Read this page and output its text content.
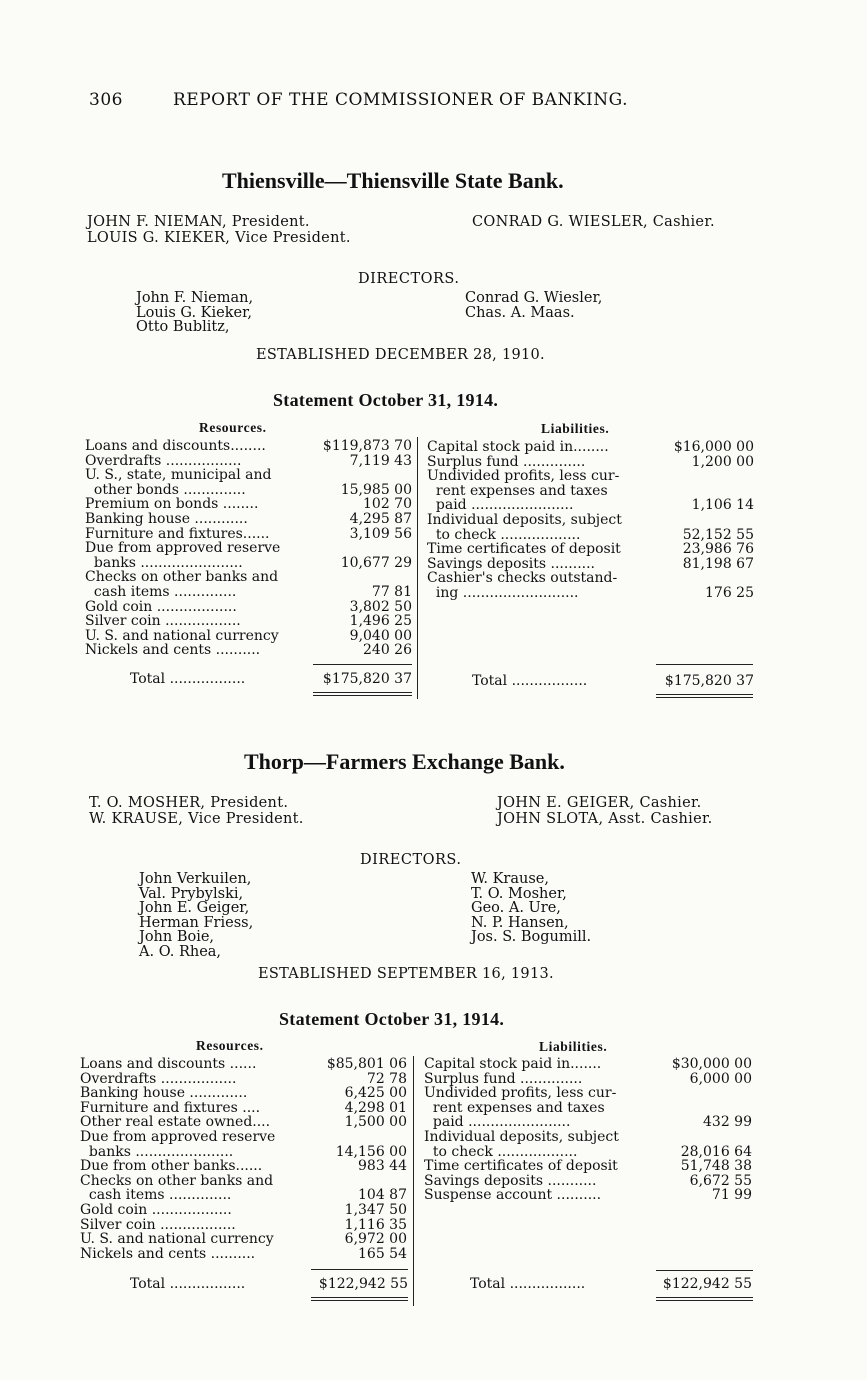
306	REPORT OF THE COMMISSIONER OF BANKING.
Thiensville—Thiensville State Bank.
JOHN F. NIEMAN, President.
LOUIS G. KIEKER, Vice President.
CONRAD G. WIESLER, Cashier.
DIRECTORS.
John F. Nieman,
Louis G. Kieker,
Otto Bublitz,
Conrad G. Wiesler,
Chas. A. Maas.
ESTABLISHED DECEMBER 28, 1910.
Statement October 31, 1914.
Resources.	Liabilities.
Loans and discounts........	$119,873 70
Overdrafts .................	7,119 43
U. S., state, municipal and
other bonds ..............	15,985 00
Premium on bonds ........	102 70
Banking house ............	4,295 87
Furniture and fixtures......	3,109 56
Due from approved reserve
banks .......................	10,677 29
Checks on other banks and
cash items ..............	77 81
Gold coin ..................	3,802 50
Silver coin .................	1,496 25
U. S. and national currency	9,040 00
Nickels and cents ..........	240 26
Capital stock paid in........	$16,000 00
Surplus fund ..............	1,200 00
Undivided profits, less cur-
rent expenses and taxes
paid .......................	1,106 14
Individual deposits, subject
to check ..................	52,152 55
Time certificates of deposit	23,986 76
Savings deposits ..........	81,198 67
Cashier's checks outstand-
ing ..........................	176 25
Total .................	$175,820 37	Total .................	$175,820 37
Thorp—Farmers Exchange Bank.
T. O. MOSHER, President.
W. KRAUSE, Vice President.
JOHN E. GEIGER, Cashier.
JOHN SLOTA, Asst. Cashier.
DIRECTORS.
John Verkuilen,
Val. Prybylski,
John E. Geiger,
Herman Friess,
John Boie,
A. O. Rhea,
W. Krause,
T. O. Mosher,
Geo. A. Ure,
N. P. Hansen,
Jos. S. Bogumill.
ESTABLISHED SEPTEMBER 16, 1913.
Statement October 31, 1914.
Resources.	Liabilities.
Loans and discounts ......	$85,801 06
Overdrafts .................	72 78
Banking house .............	6,425 00
Furniture and fixtures ....	4,298 01
Other real estate owned....	1,500 00
Due from approved reserve
banks ......................	14,156 00
Due from other banks......	983 44
Checks on other banks and
cash items ..............	104 87
Gold coin ..................	1,347 50
Silver coin .................	1,116 35
U. S. and national currency	6,972 00
Nickels and cents ..........	165 54
Capital stock paid in.......	$30,000 00
Surplus fund ..............	6,000 00
Undivided profits, less cur-
rent expenses and taxes
paid .......................	432 99
Individual deposits, subject
to check ..................	28,016 64
Time certificates of deposit	51,748 38
Savings deposits ...........	6,672 55
Suspense account ..........	71 99
Total .................	$122,942 55	Total .................	$122,942 55
